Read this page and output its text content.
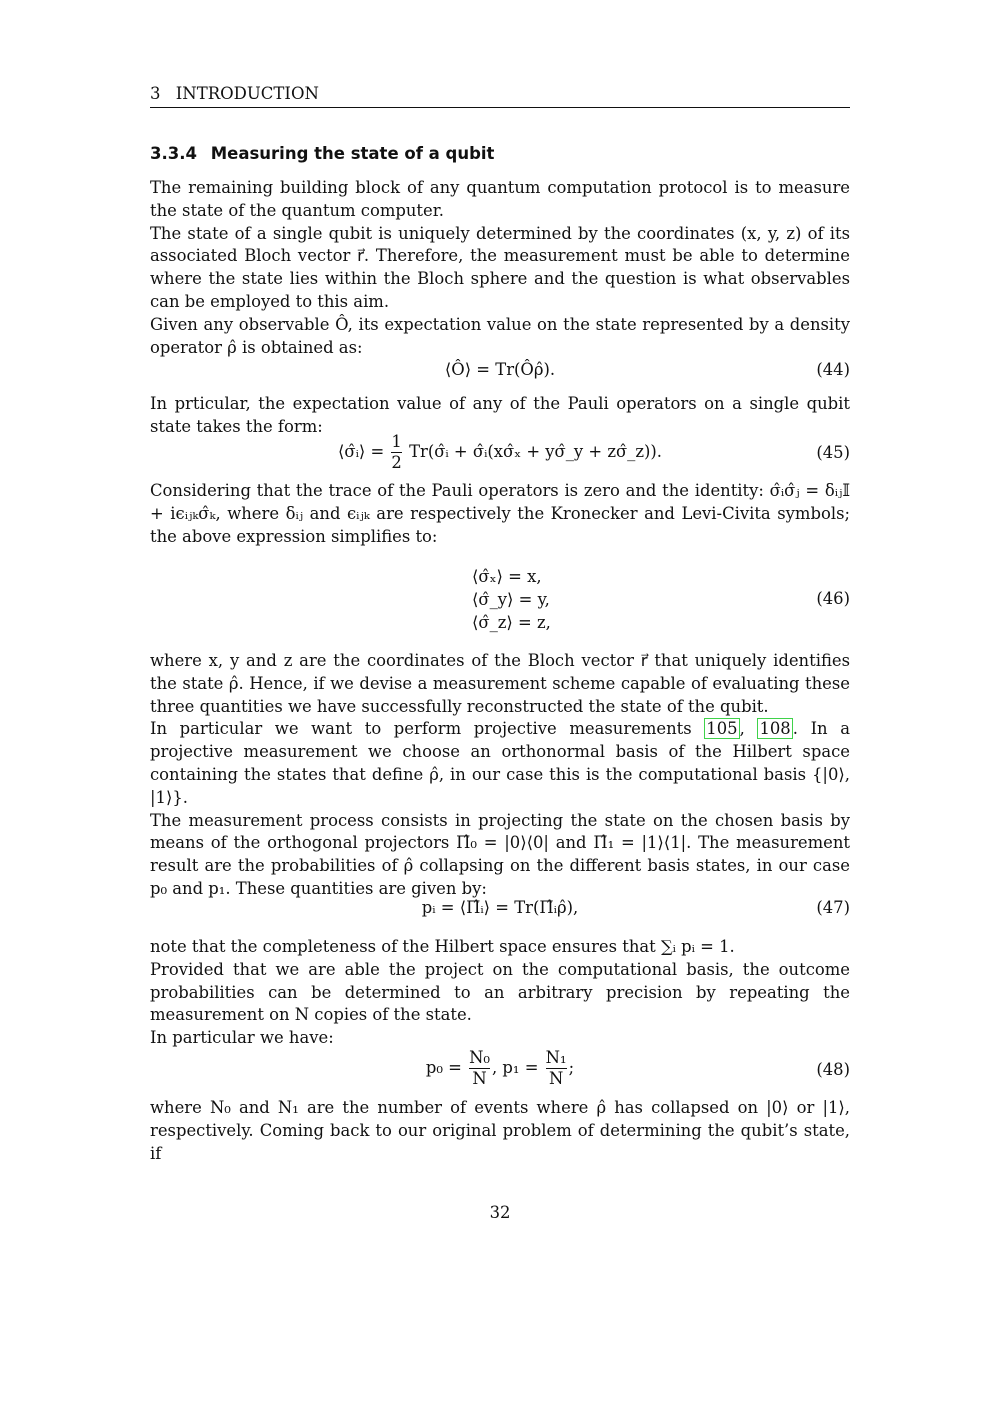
3 INTRODUCTION
3.3.4 Measuring the state of a qubit

The remaining building block of any quantum computation protocol is to measure the state of the quantum computer.

The state of a single qubit is uniquely determined by the coordinates (x, y, z) of its associated Bloch vector r⃗. Therefore, the measurement must be able to determine where the state lies within the Bloch sphere and the question is what observables can be employed to this aim.

Given any observable Ô, its expectation value on the state represented by a density operator ρ̂ is obtained as:

⟨Ô⟩ = Tr(Ôρ̂).	(44)

In prticular, the expectation value of any of the Pauli operators on a single qubit state takes the form:

⟨σ̂ᵢ⟩ = $\frac{1}{2}$ Tr(σ̂ᵢ + σ̂ᵢ(xσ̂ₓ + yσ̂_y + zσ̂_z)).	(45)

Considering that the trace of the Pauli operators is zero and the identity: σ̂ᵢσ̂ⱼ = δᵢⱼ𝕀 + iϵᵢⱼₖσ̂ₖ, where δᵢⱼ and ϵᵢⱼₖ are respectively the Kronecker and Levi-Civita symbols; the above expression simplifies to:

⟨σ̂ₓ⟩ = x,
⟨σ̂_y⟩ = y,
⟨σ̂_z⟩ = z,
(46)

where x, y and z are the coordinates of the Bloch vector r⃗ that uniquely identifies the state ρ̂. Hence, if we devise a measurement scheme capable of evaluating these three quantities we have successfully reconstructed the state of the qubit.

In particular we want to perform projective measurements 105 , 108 . In a projective measurement we choose an orthonormal basis of the Hilbert space containing the states that define ρ̂, in our case this is the computational basis {|0⟩, |1⟩}.

The measurement process consists in projecting the state on the chosen basis by means of the orthogonal projectors Π̂₀ = |0⟩⟨0| and Π̂₁ = |1⟩⟨1|. The measurement result are the probabilities of ρ̂ collapsing on the different basis states, in our case p₀ and p₁. These quantities are given by:

pᵢ = ⟨Π̂ᵢ⟩ = Tr(Π̂ᵢρ̂),	(47)

note that the completeness of the Hilbert space ensures that ∑ᵢ pᵢ = 1.

Provided that we are able the project on the computational basis, the outcome probabilities can be determined to an arbitrary precision by repeating the measurement on N copies of the state.

In particular we have:

$p_0 = \frac{\text{N₀}}{N}$ , $p_1 = \frac{\text{N₁}}{N}$ ;	(48)

where N₀ and N₁ are the number of events where ρ̂ has collapsed on |0⟩ or |1⟩, respectively. Coming back to our original problem of determining the qubit’s state, if

32
